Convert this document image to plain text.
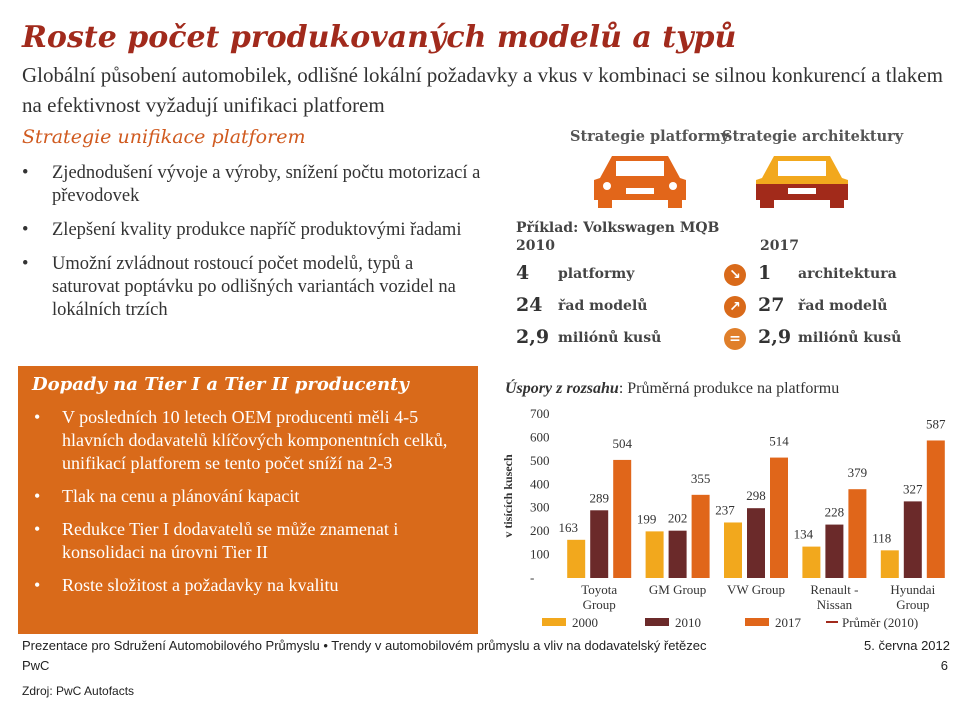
Roste počet produkovaných modelů a typů
Globální působení automobilek, odlišné lokální požadavky a vkus v kombinaci se silnou konkurencí a tlakem na efektivnost vyžadují unifikaci platforem
Strategie unifikace platforem
• Zjednodušení vývoje a výroby, snížení počtu motorizací a převodovek
• Zlepšení kvality produkce napříč produktovými řadami
• Umožní zvládnout rostoucí počet modelů, typů a saturovat poptávku po odlišných variantách vozidel na lokálních trzích
Dopady na Tier I a Tier II producenty
• V posledních 10 letech OEM producenti měli 4-5 hlavních dodavatelů klíčových komponentních celků, unifikací platforem se tento počet sníží na 2-3
• Tlak na cenu a plánování kapacit
• Redukce Tier I dodavatelů se může znamenat i konsolidaci na úrovni Tier II
• Roste složitost a požadavky na kvalitu
Strategie platformy
Strategie architektury
Příklad: Volkswagen MQB
2010	2017
4 platformy	↘ 1 architektura
24 řad modelů	↗ 27 řad modelů
2,9 miliónů kusů	= 2,9 miliónů kusů
Úspory z rozsahu: Průměrná produkce na platformu
v tisících kusech
700
600
500
400
300
200
100
-
163
289
504
199 202
355
237
298
514
134
228
379
118
327
587
Toyota
Group
GM Group VW Group Renault -
Nissan
Hyundai
Group
2000	2010	2017	Průměr (2010)
Prezentace pro Sdružení Automobilového Průmyslu • Trendy v automobilovém průmyslu a vliv na dodavatelský řetězec	5. června 2012
PwC	6
Zdroj: PwC Autofacts
